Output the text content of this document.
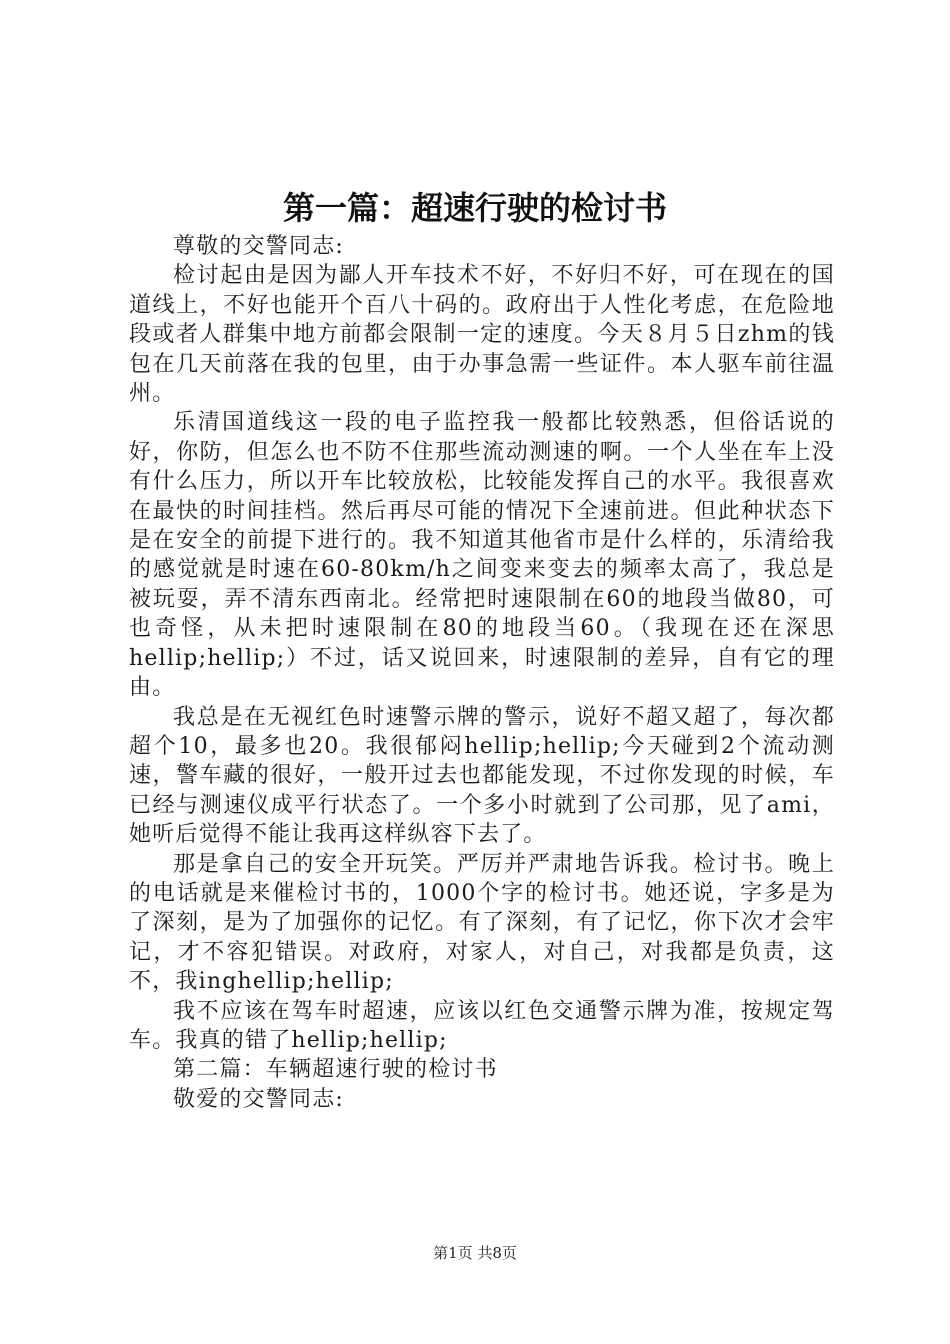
第一篇：超速行驶的检讨书

尊敬的交警同志:

检讨起由是因为鄙人开车技术不好，不好归不好，可在现在的国道线上，不好也能开个百八十码的。政府出于人性化考虑，在危险地段或者人群集中地方前都会限制一定的速度。今天８月５日zhm的钱包在几天前落在我的包里，由于办事急需一些证件。本人驱车前往温州。

乐清国道线这一段的电子监控我一般都比较熟悉，但俗话说的好，你防，但怎么也不防不住那些流动测速的啊。一个人坐在车上没有什么压力，所以开车比较放松，比较能发挥自己的水平。我很喜欢在最快的时间挂档。然后再尽可能的情况下全速前进。但此种状态下是在安全的前提下进行的。我不知道其他省市是什么样的，乐清给我的感觉就是时速在60-80km/h之间变来变去的频率太高了，我总是被玩耍，弄不清东西南北。经常把时速限制在60的地段当做80，可也奇怪，从未把时速限制在80的地段当60。（我现在还在深思hellip;hellip;）不过，话又说回来，时速限制的差异，自有它的理由。

我总是在无视红色时速警示牌的警示，说好不超又超了，每次都超个10，最多也20。我很郁闷hellip;hellip;今天碰到2个流动测速，警车藏的很好，一般开过去也都能发现，不过你发现的时候，车已经与测速仪成平行状态了。一个多小时就到了公司那，见了ami，她听后觉得不能让我再这样纵容下去了。

那是拿自己的安全开玩笑。严厉并严肃地告诉我。检讨书。晚上的电话就是来催检讨书的，1000个字的检讨书。她还说，字多是为了深刻，是为了加强你的记忆。有了深刻，有了记忆，你下次才会牢记，才不容犯错误。对政府，对家人，对自己，对我都是负责，这不，我inghellip;hellip;

我不应该在驾车时超速，应该以红色交通警示牌为准，按规定驾车。我真的错了hellip;hellip;

第二篇：车辆超速行驶的检讨书

敬爱的交警同志:

第1页 共8页
